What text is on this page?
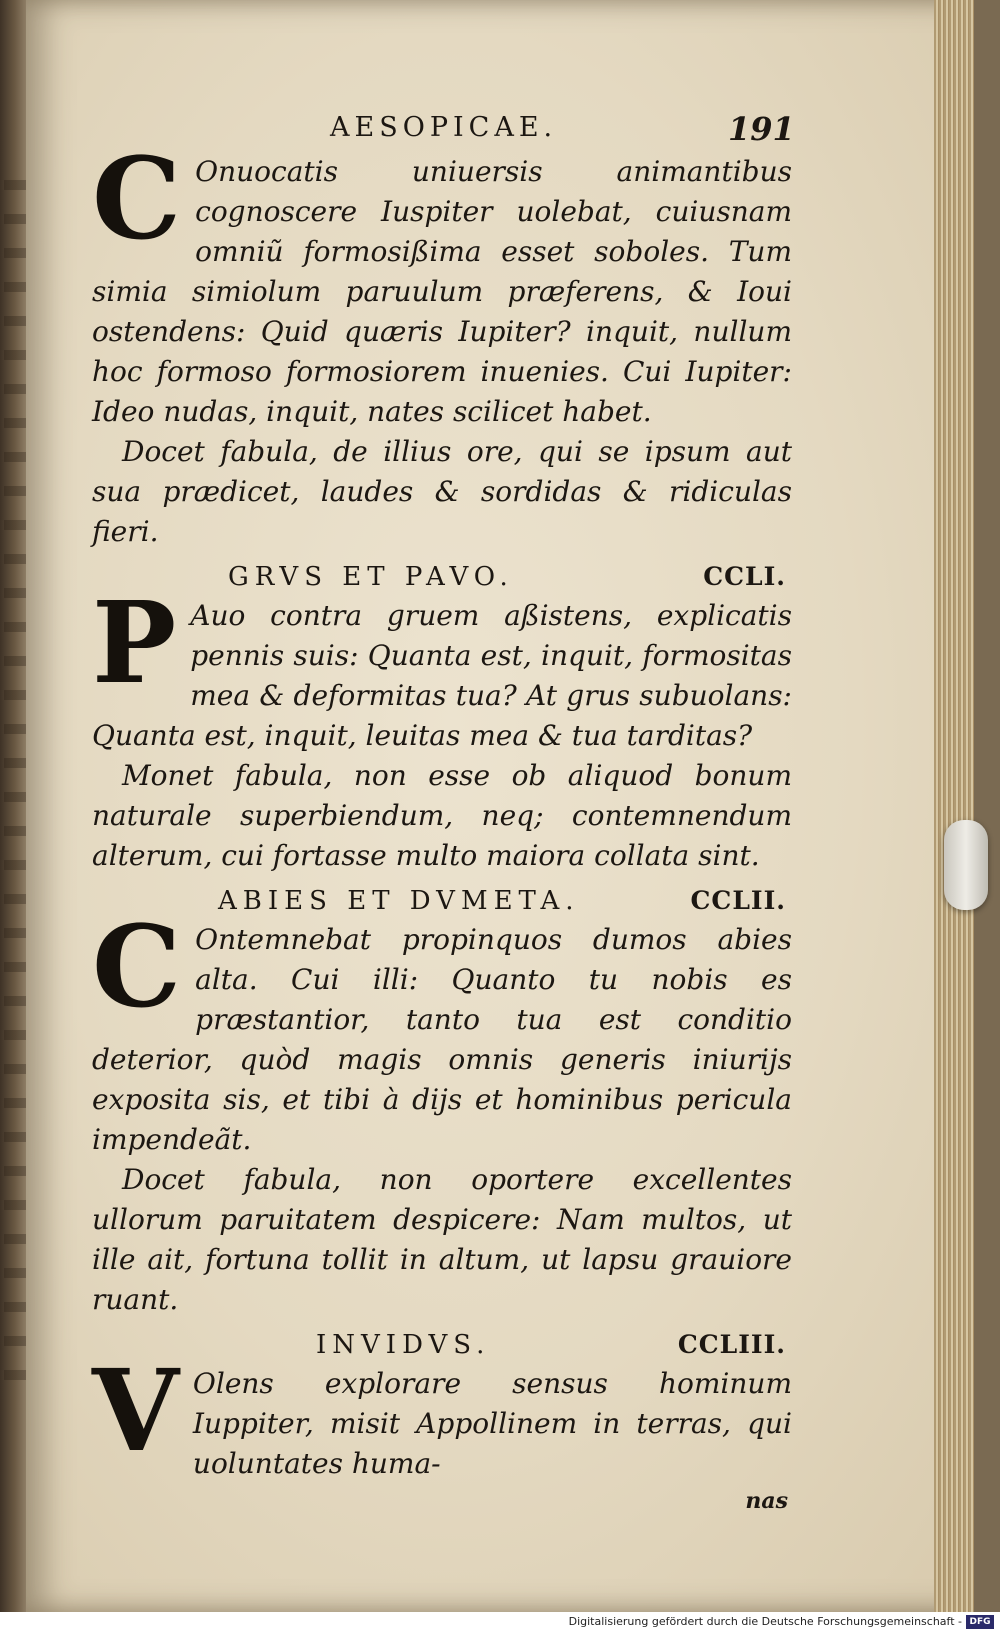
AESOPICAE.	191

C Onuocatis uniuersis animantibus cognoscere Iuspiter uolebat, cuiusnam omniũ formosißima esset soboles. Tum simia simiolum paruulum præferens, & Ioui ostendens: Quid quæris Iupiter? inquit, nullum hoc formoso formosiorem inuenies. Cui Iupiter: Ideo nudas, inquit, nates scilicet habet.

Docet fabula, de illius ore, qui se ipsum aut sua prædicet, laudes & sordidas & ridiculas fieri.

GRVS ET PAVO.	CCLI.

P Auo contra gruem aßistens, explicatis pennis suis: Quanta est, inquit, formositas mea & deformitas tua? At grus subuolans: Quanta est, inquit, leuitas mea & tua tarditas?

Monet fabula, non esse ob aliquod bonum naturale superbiendum, neq; contemnendum alterum, cui fortasse multo maiora collata sint.

ABIES ET DVMETA.	CCLII.

C Ontemnebat propinquos dumos abies alta. Cui illi: Quanto tu nobis es præstantior, tanto tua est conditio deterior, quòd magis omnis generis iniurijs exposita sis, et tibi à dijs et hominibus pericula impendeãt.

Docet fabula, non oportere excellentes ullorum paruitatem despicere: Nam multos, ut ille ait, fortuna tollit in altum, ut lapsu grauiore ruant.

INVIDVS.	CCLIII.

V Olens explorare sensus hominum Iuppiter, misit Appollinem in terras, qui uoluntates huma-

nas
Digitalisierung gefördert durch die Deutsche Forschungsgemeinschaft - DFG
